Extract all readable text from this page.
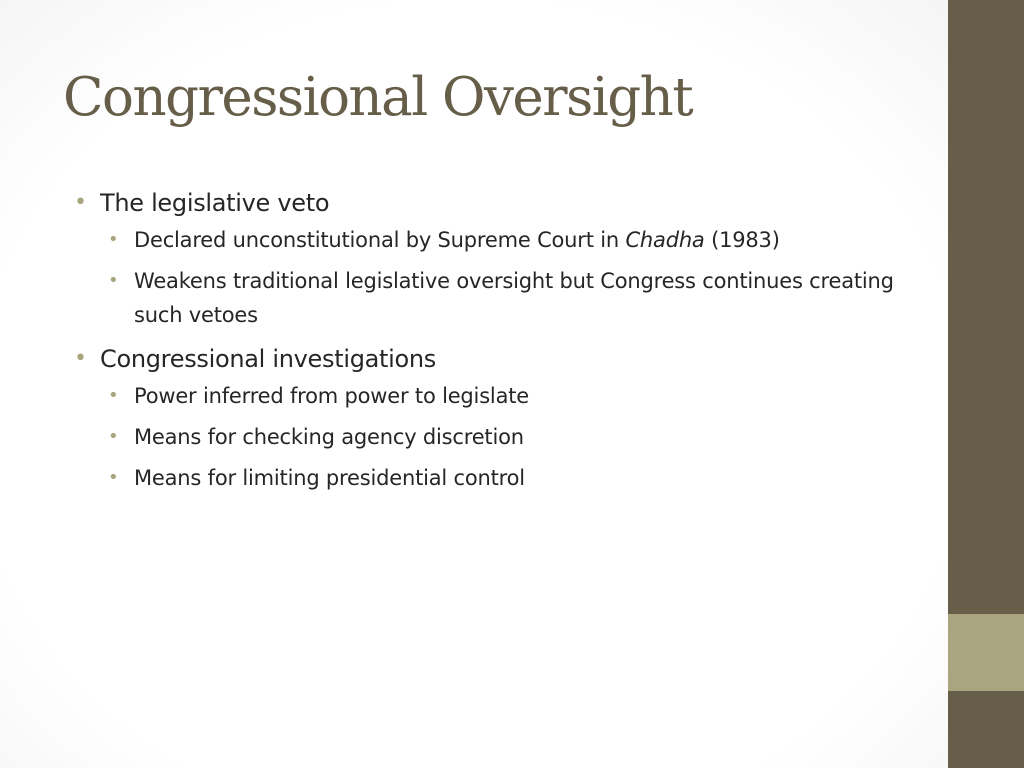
Congressional Oversight
• The legislative veto
• Declared unconstitutional by Supreme Court in Chadha (1983)
• Weakens traditional legislative oversight but Congress continues creating such vetoes
• Congressional investigations
• Power inferred from power to legislate
• Means for checking agency discretion
• Means for limiting presidential control
